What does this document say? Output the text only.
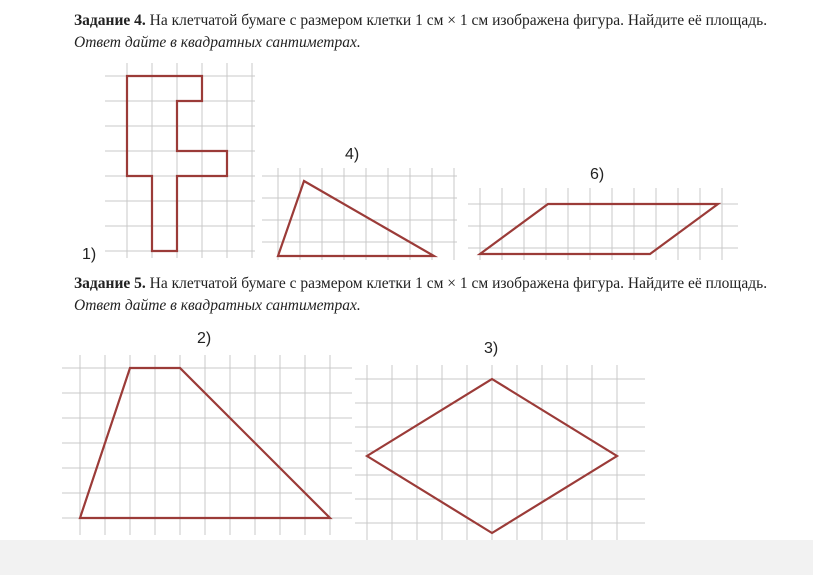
Задание 4. На клетчатой бумаге с размером клетки 1 см × 1 см изображена фигура. Найдите её площадь. Ответ дайте в квадратных сантиметрах.
1)
4)
6)
Задание 5. На клетчатой бумаге с размером клетки 1 см × 1 см изображена фигура. Найдите её площадь. Ответ дайте в квадратных сантиметрах.
2)
3)
